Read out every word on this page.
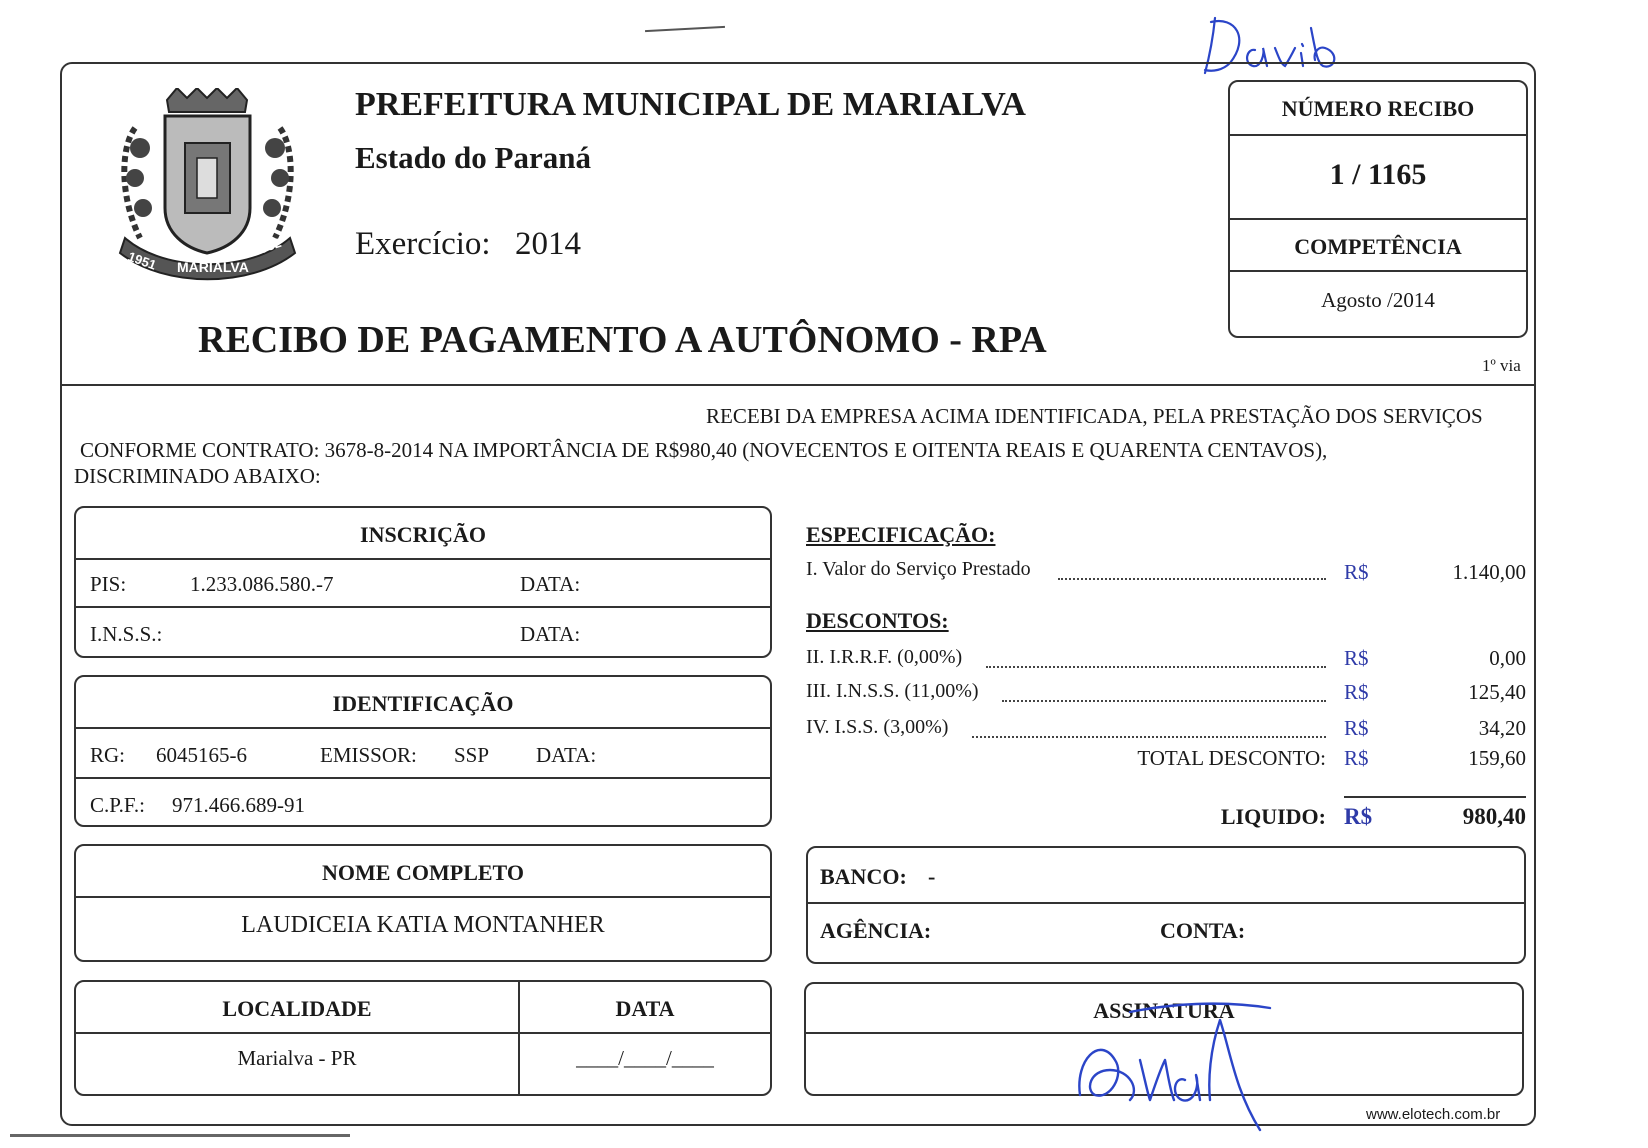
1951 MARIALVA
1952
PREFEITURA MUNICIPAL DE MARIALVA
Estado do Paraná
Exercício: 2014
RECIBO DE PAGAMENTO A AUTÔNOMO - RPA
NÚMERO RECIBO
1 / 1165
COMPETÊNCIA
Agosto /2014
1º via
RECEBI DA EMPRESA ACIMA IDENTIFICADA, PELA PRESTAÇÃO DOS SERVIÇOS
CONFORME CONTRATO: 3678-8-2014 NA IMPORTÂNCIA DE R$980,40 (NOVECENTOS E OITENTA REAIS E QUARENTA CENTAVOS),
DISCRIMINADO ABAIXO:
INSCRIÇÃO
PIS:	1.233.086.580.-7	DATA:
I.N.S.S.:	DATA:
IDENTIFICAÇÃO
RG: 6045165-6	EMISSOR: SSP DATA:
C.P.F.: 971.466.689-91
NOME COMPLETO
LAUDICEIA KATIA MONTANHER
LOCALIDADE	DATA
Marialva - PR	____/____/____
ESPECIFICAÇÃO:
I. Valor do Serviço Prestado	R$	1.140,00
DESCONTOS:
II. I.R.R.F. (0,00%)	R$	0,00
III. I.N.S.S. (11,00%)	R$	125,40
IV. I.S.S. (3,00%)	R$	34,20
TOTAL DESCONTO: R$	159,60
LIQUIDO: R$	980,40
BANCO: -
AGÊNCIA:	CONTA:
ASSINATURA
www.elotech.com.br
